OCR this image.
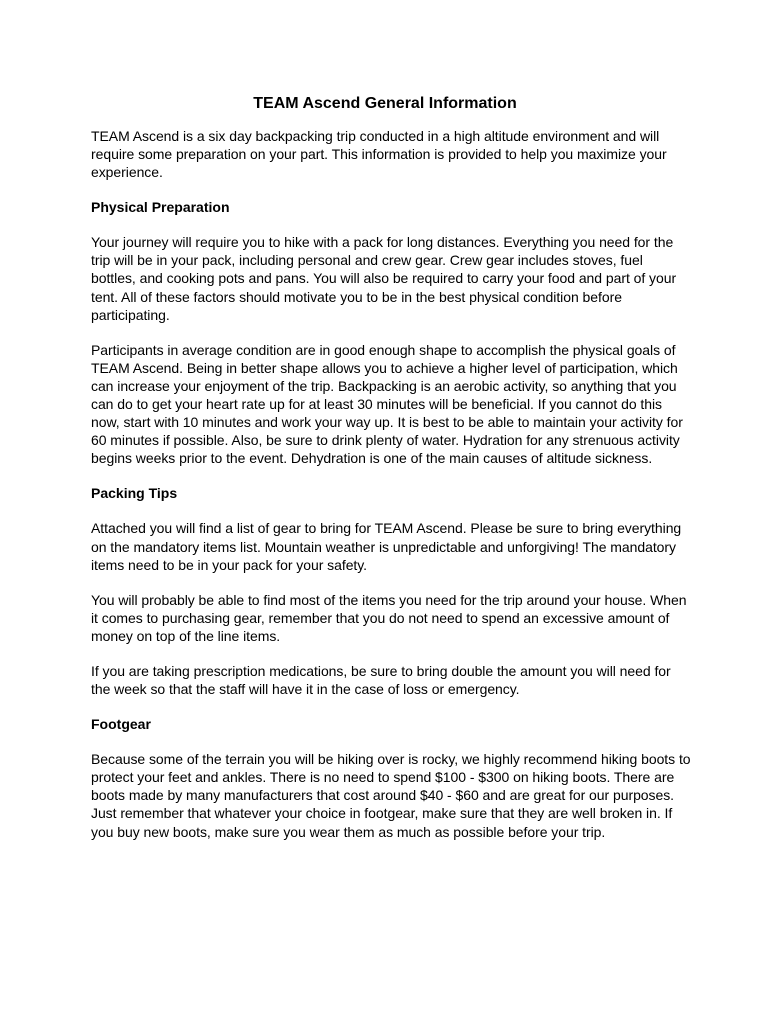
TEAM Ascend General Information

TEAM Ascend is a six day backpacking trip conducted in a high altitude environment and will require some preparation on your part. This information is provided to help you maximize your experience.

Physical Preparation

Your journey will require you to hike with a pack for long distances. Everything you need for the trip will be in your pack, including personal and crew gear. Crew gear includes stoves, fuel bottles, and cooking pots and pans. You will also be required to carry your food and part of your tent. All of these factors should motivate you to be in the best physical condition before participating.

Participants in average condition are in good enough shape to accomplish the physical goals of TEAM Ascend. Being in better shape allows you to achieve a higher level of participation, which can increase your enjoyment of the trip. Backpacking is an aerobic activity, so anything that you can do to get your heart rate up for at least 30 minutes will be beneficial. If you cannot do this now, start with 10 minutes and work your way up. It is best to be able to maintain your activity for 60 minutes if possible. Also, be sure to drink plenty of water. Hydration for any strenuous activity begins weeks prior to the event. Dehydration is one of the main causes of altitude sickness.

Packing Tips

Attached you will find a list of gear to bring for TEAM Ascend. Please be sure to bring everything on the mandatory items list. Mountain weather is unpredictable and unforgiving! The mandatory items need to be in your pack for your safety.

You will probably be able to find most of the items you need for the trip around your house. When it comes to purchasing gear, remember that you do not need to spend an excessive amount of money on top of the line items.

If you are taking prescription medications, be sure to bring double the amount you will need for the week so that the staff will have it in the case of loss or emergency.

Footgear

Because some of the terrain you will be hiking over is rocky, we highly recommend hiking boots to protect your feet and ankles. There is no need to spend $100 - $300 on hiking boots. There are boots made by many manufacturers that cost around $40 - $60 and are great for our purposes. Just remember that whatever your choice in footgear, make sure that they are well broken in. If you buy new boots, make sure you wear them as much as possible before your trip.
